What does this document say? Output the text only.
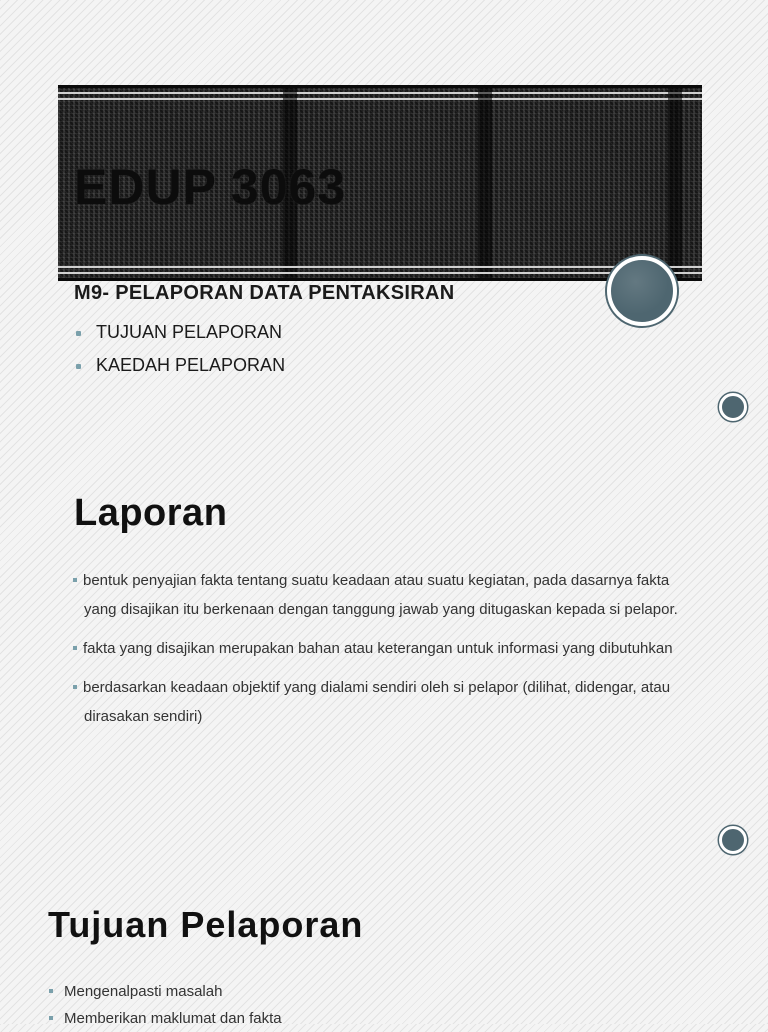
EDUP 3063
M9- PELAPORAN DATA PENTAKSIRAN
TUJUAN PELAPORAN
KAEDAH PELAPORAN
Laporan
bentuk penyajian fakta tentang suatu keadaan atau suatu kegiatan, pada dasarnya fakta yang disajikan itu berkenaan dengan tanggung jawab yang ditugaskan kepada si pelapor.
fakta yang disajikan merupakan bahan atau keterangan untuk informasi yang dibutuhkan
berdasarkan keadaan objektif yang dialami sendiri oleh si pelapor (dilihat, didengar, atau dirasakan sendiri)
Tujuan Pelaporan
Mengenalpasti masalah
Memberikan maklumat dan fakta
